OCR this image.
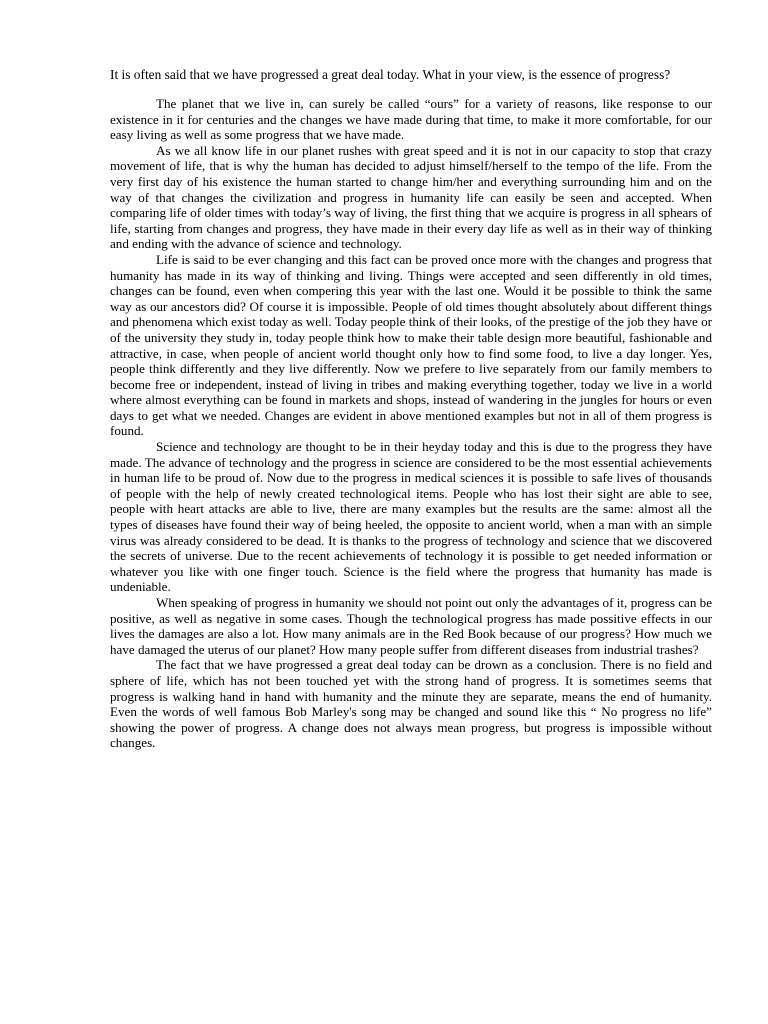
It is often said that we have progressed a great deal today. What in your view, is the essence of progress?

The planet that we live in, can surely be called “ours” for a variety of reasons, like response to our existence in it for centuries and the changes we have made during that time, to make it more comfortable, for our easy living as well as some progress that we have made.

As we all know life in our planet rushes with great speed and it is not in our capacity to stop that crazy movement of life, that is why the human has decided to adjust himself/herself to the tempo of the life. From the very first day of his existence the human started to change him/her and everything surrounding him and on the way of that changes the civilization and progress in humanity life can easily be seen and accepted. When comparing life of older times with today’s way of living, the first thing that we acquire is progress in all sphears of life, starting from changes and progress, they have made in their every day life as well as in their way of thinking and ending with the advance of science and technology.

Life is said to be ever changing and this fact can be proved once more with the changes and progress that humanity has made in its way of thinking and living. Things were accepted and seen differently in old times, changes can be found, even when compering this year with the last one. Would it be possible to think the same way as our ancestors did? Of course it is impossible. People of old times thought absolutely about different things and phenomena which exist today as well. Today people think of their looks, of the prestige of the job they have or of the university they study in, today people think how to make their table design more beautiful, fashionable and attractive, in case, when people of ancient world thought only how to find some food, to live a day longer. Yes, people think differently and they live differently. Now we prefere to live separately from our family members to become free or independent, instead of living in tribes and making everything together, today we live in a world where almost everything can be found in markets and shops, instead of wandering in the jungles for hours or even days to get what we needed. Changes are evident in above mentioned examples but not in all of them progress is found.

Science and technology are thought to be in their heyday today and this is due to the progress they have made. The advance of technology and the progress in science are considered to be the most essential achievements in human life to be proud of. Now due to the progress in medical sciences it is possible to safe lives of thousands of people with the help of newly created technological items. People who has lost their sight are able to see, people with heart attacks are able to live, there are many examples but the results are the same: almost all the types of diseases have found their way of being heeled, the opposite to ancient world, when a man with an simple virus was already considered to be dead. It is thanks to the progress of technology and science that we discovered the secrets of universe. Due to the recent achievements of technology it is possible to get needed information or whatever you like with one finger touch. Science is the field where the progress that humanity has made is undeniable.

When speaking of progress in humanity we should not point out only the advantages of it, progress can be positive, as well as negative in some cases. Though the technological progress has made possitive effects in our lives the damages are also a lot. How many animals are in the Red Book because of our progress? How much we have damaged the uterus of our planet? How many people suffer from different diseases from industrial trashes?

The fact that we have progressed a great deal today can be drown as a conclusion. There is no field and sphere of life, which has not been touched yet with the strong hand of progress. It is sometimes seems that progress is walking hand in hand with humanity and the minute they are separate, means the end of humanity. Even the words of well famous Bob Marley's song may be changed and sound like this “ No progress no life” showing the power of progress. A change does not always mean progress, but progress is impossible without changes.
